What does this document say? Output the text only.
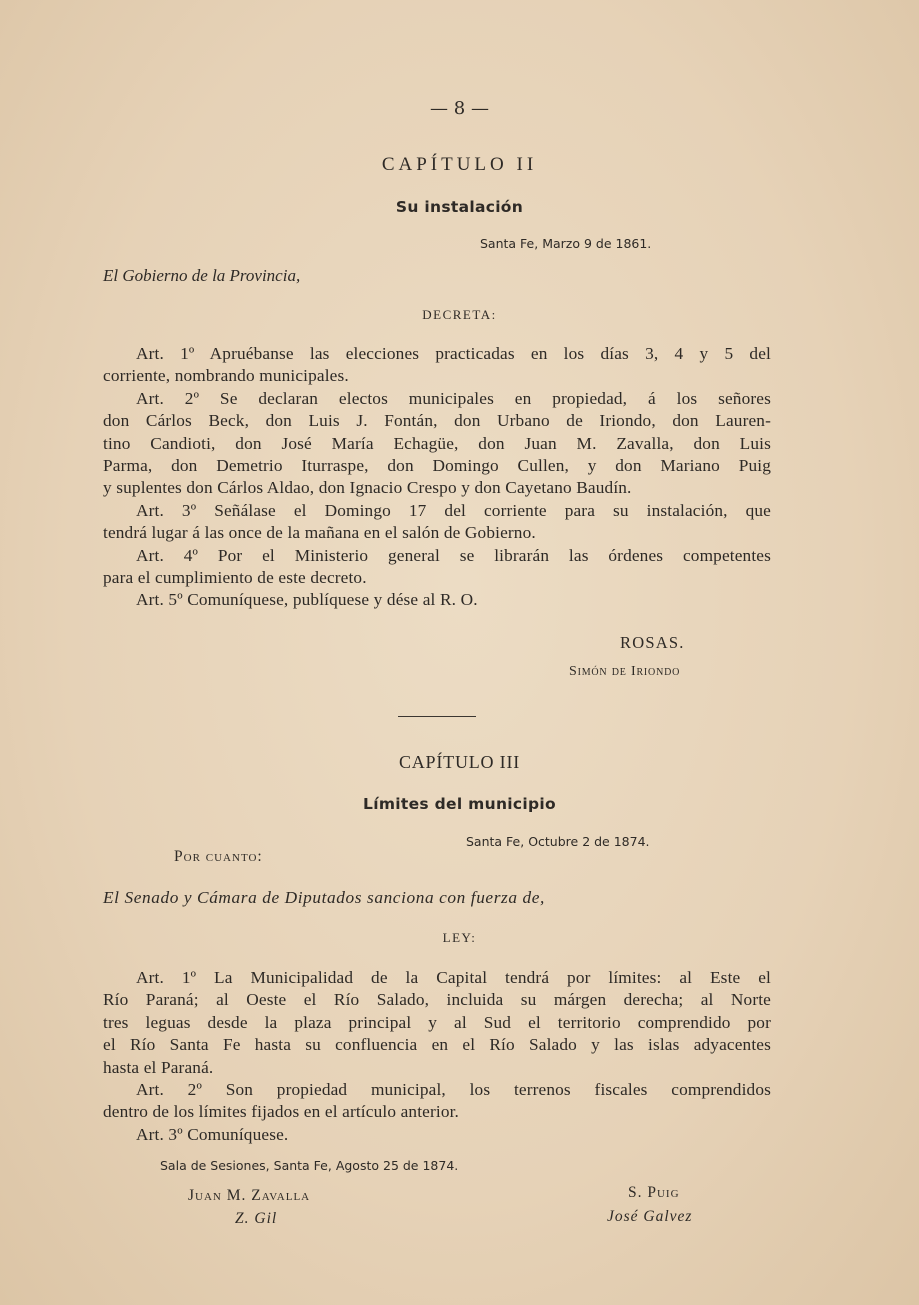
— 8 —
CAPÍTULO II
Su instalación
Santa Fe, Marzo 9 de 1861.
El Gobierno de la Provincia,
DECRETA:
Art. 1º Apruébanse las elecciones practicadas en los días 3, 4 y 5 del
corriente, nombrando municipales.
Art. 2º Se declaran electos municipales en propiedad, á los señores
don Cárlos Beck, don Luis J. Fontán, don Urbano de Iriondo, don Lauren-
tino Candioti, don José María Echagüe, don Juan M. Zavalla, don Luis
Parma, don Demetrio Iturraspe, don Domingo Cullen, y don Mariano Puig
y suplentes don Cárlos Aldao, don Ignacio Crespo y don Cayetano Baudín.
Art. 3º Señálase el Domingo 17 del corriente para su instalación, que
tendrá lugar á las once de la mañana en el salón de Gobierno.
Art. 4º Por el Ministerio general se librarán las órdenes competentes
para el cumplimiento de este decreto.
Art. 5º Comuníquese, publíquese y dése al R. O.
ROSAS.
Simón de Iriondo
CAPÍTULO III
Límites del municipio
Santa Fe, Octubre 2 de 1874.
Por cuanto:
El Senado y Cámara de Diputados sanciona con fuerza de,
LEY:
Art. 1º La Municipalidad de la Capital tendrá por límites: al Este el
Río Paraná; al Oeste el Río Salado, incluida su márgen derecha; al Norte
tres leguas desde la plaza principal y al Sud el territorio comprendido por
el Río Santa Fe hasta su confluencia en el Río Salado y las islas adyacentes
hasta el Paraná.
Art. 2º Son propiedad municipal, los terrenos fiscales comprendidos
dentro de los límites fijados en el artículo anterior.
Art. 3º Comuníquese.
Sala de Sesiones, Santa Fe, Agosto 25 de 1874.
Juan M. Zavalla
Z. Gil
S. Puig
José Galvez
